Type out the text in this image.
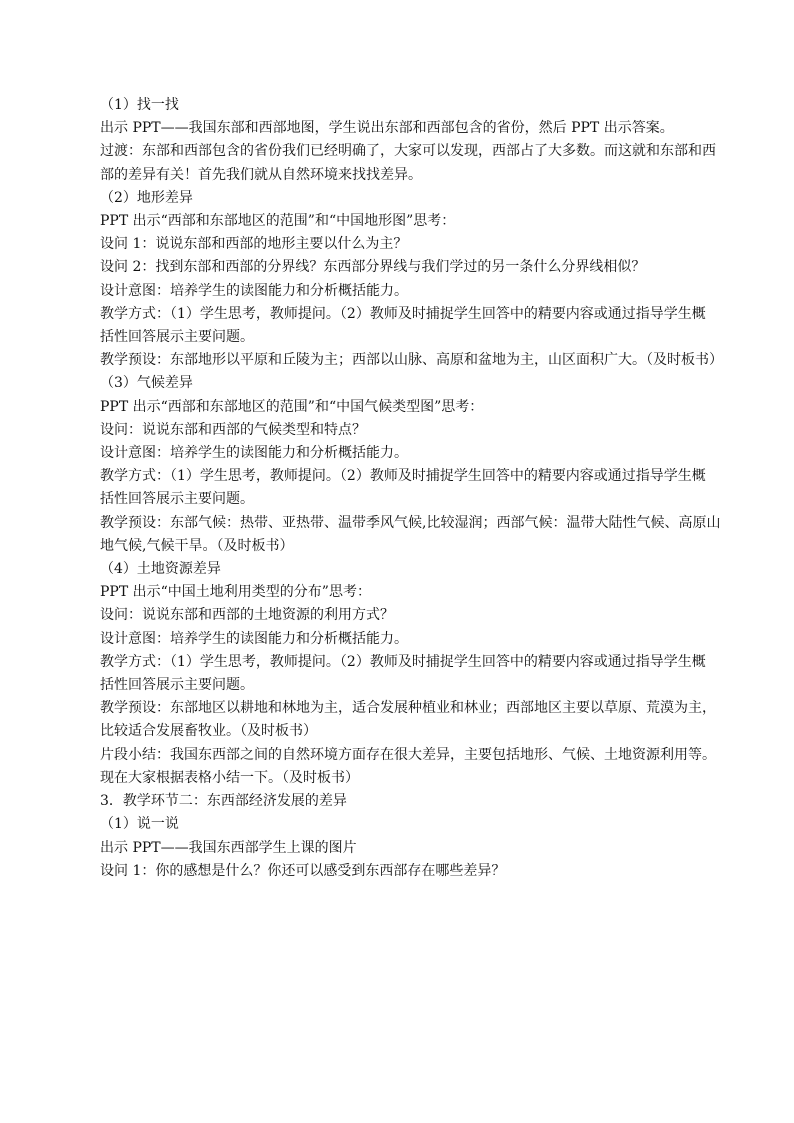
（1）找一找
出示 PPT——我国东部和西部地图，学生说出东部和西部包含的省份，然后 PPT 出示答案。
过渡：东部和西部包含的省份我们已经明确了，大家可以发现，西部占了大多数。而这就和东部和西
部的差异有关！首先我们就从自然环境来找找差异。
（2）地形差异
PPT 出示“西部和东部地区的范围”和“中国地形图”思考：
设问 1：说说东部和西部的地形主要以什么为主？
设问 2：找到东部和西部的分界线？东西部分界线与我们学过的另一条什么分界线相似？
设计意图：培养学生的读图能力和分析概括能力。
教学方式：（1）学生思考，教师提问。（2）教师及时捕捉学生回答中的精要内容或通过指导学生概
括性回答展示主要问题。
教学预设：东部地形以平原和丘陵为主；西部以山脉、高原和盆地为主，山区面积广大。（及时板书）
（3）气候差异
PPT 出示“西部和东部地区的范围”和“中国气候类型图”思考：
设问：说说东部和西部的气候类型和特点？
设计意图：培养学生的读图能力和分析概括能力。
教学方式：（1）学生思考，教师提问。（2）教师及时捕捉学生回答中的精要内容或通过指导学生概
括性回答展示主要问题。
教学预设：东部气候：热带、亚热带、温带季风气候,比较湿润；西部气候：温带大陆性气候、高原山
地气候,气候干旱。（及时板书）
（4）土地资源差异
PPT 出示“中国土地利用类型的分布”思考：
设问：说说东部和西部的土地资源的利用方式？
设计意图：培养学生的读图能力和分析概括能力。
教学方式：（1）学生思考，教师提问。（2）教师及时捕捉学生回答中的精要内容或通过指导学生概
括性回答展示主要问题。
教学预设：东部地区以耕地和林地为主，适合发展种植业和林业；西部地区主要以草原、荒漠为主，
比较适合发展畜牧业。（及时板书）
片段小结：我国东西部之间的自然环境方面存在很大差异，主要包括地形、气候、土地资源利用等。
现在大家根据表格小结一下。（及时板书）
3．教学环节二：东西部经济发展的差异
（1）说一说
出示 PPT——我国东西部学生上课的图片
设问 1：你的感想是什么？你还可以感受到东西部存在哪些差异？
